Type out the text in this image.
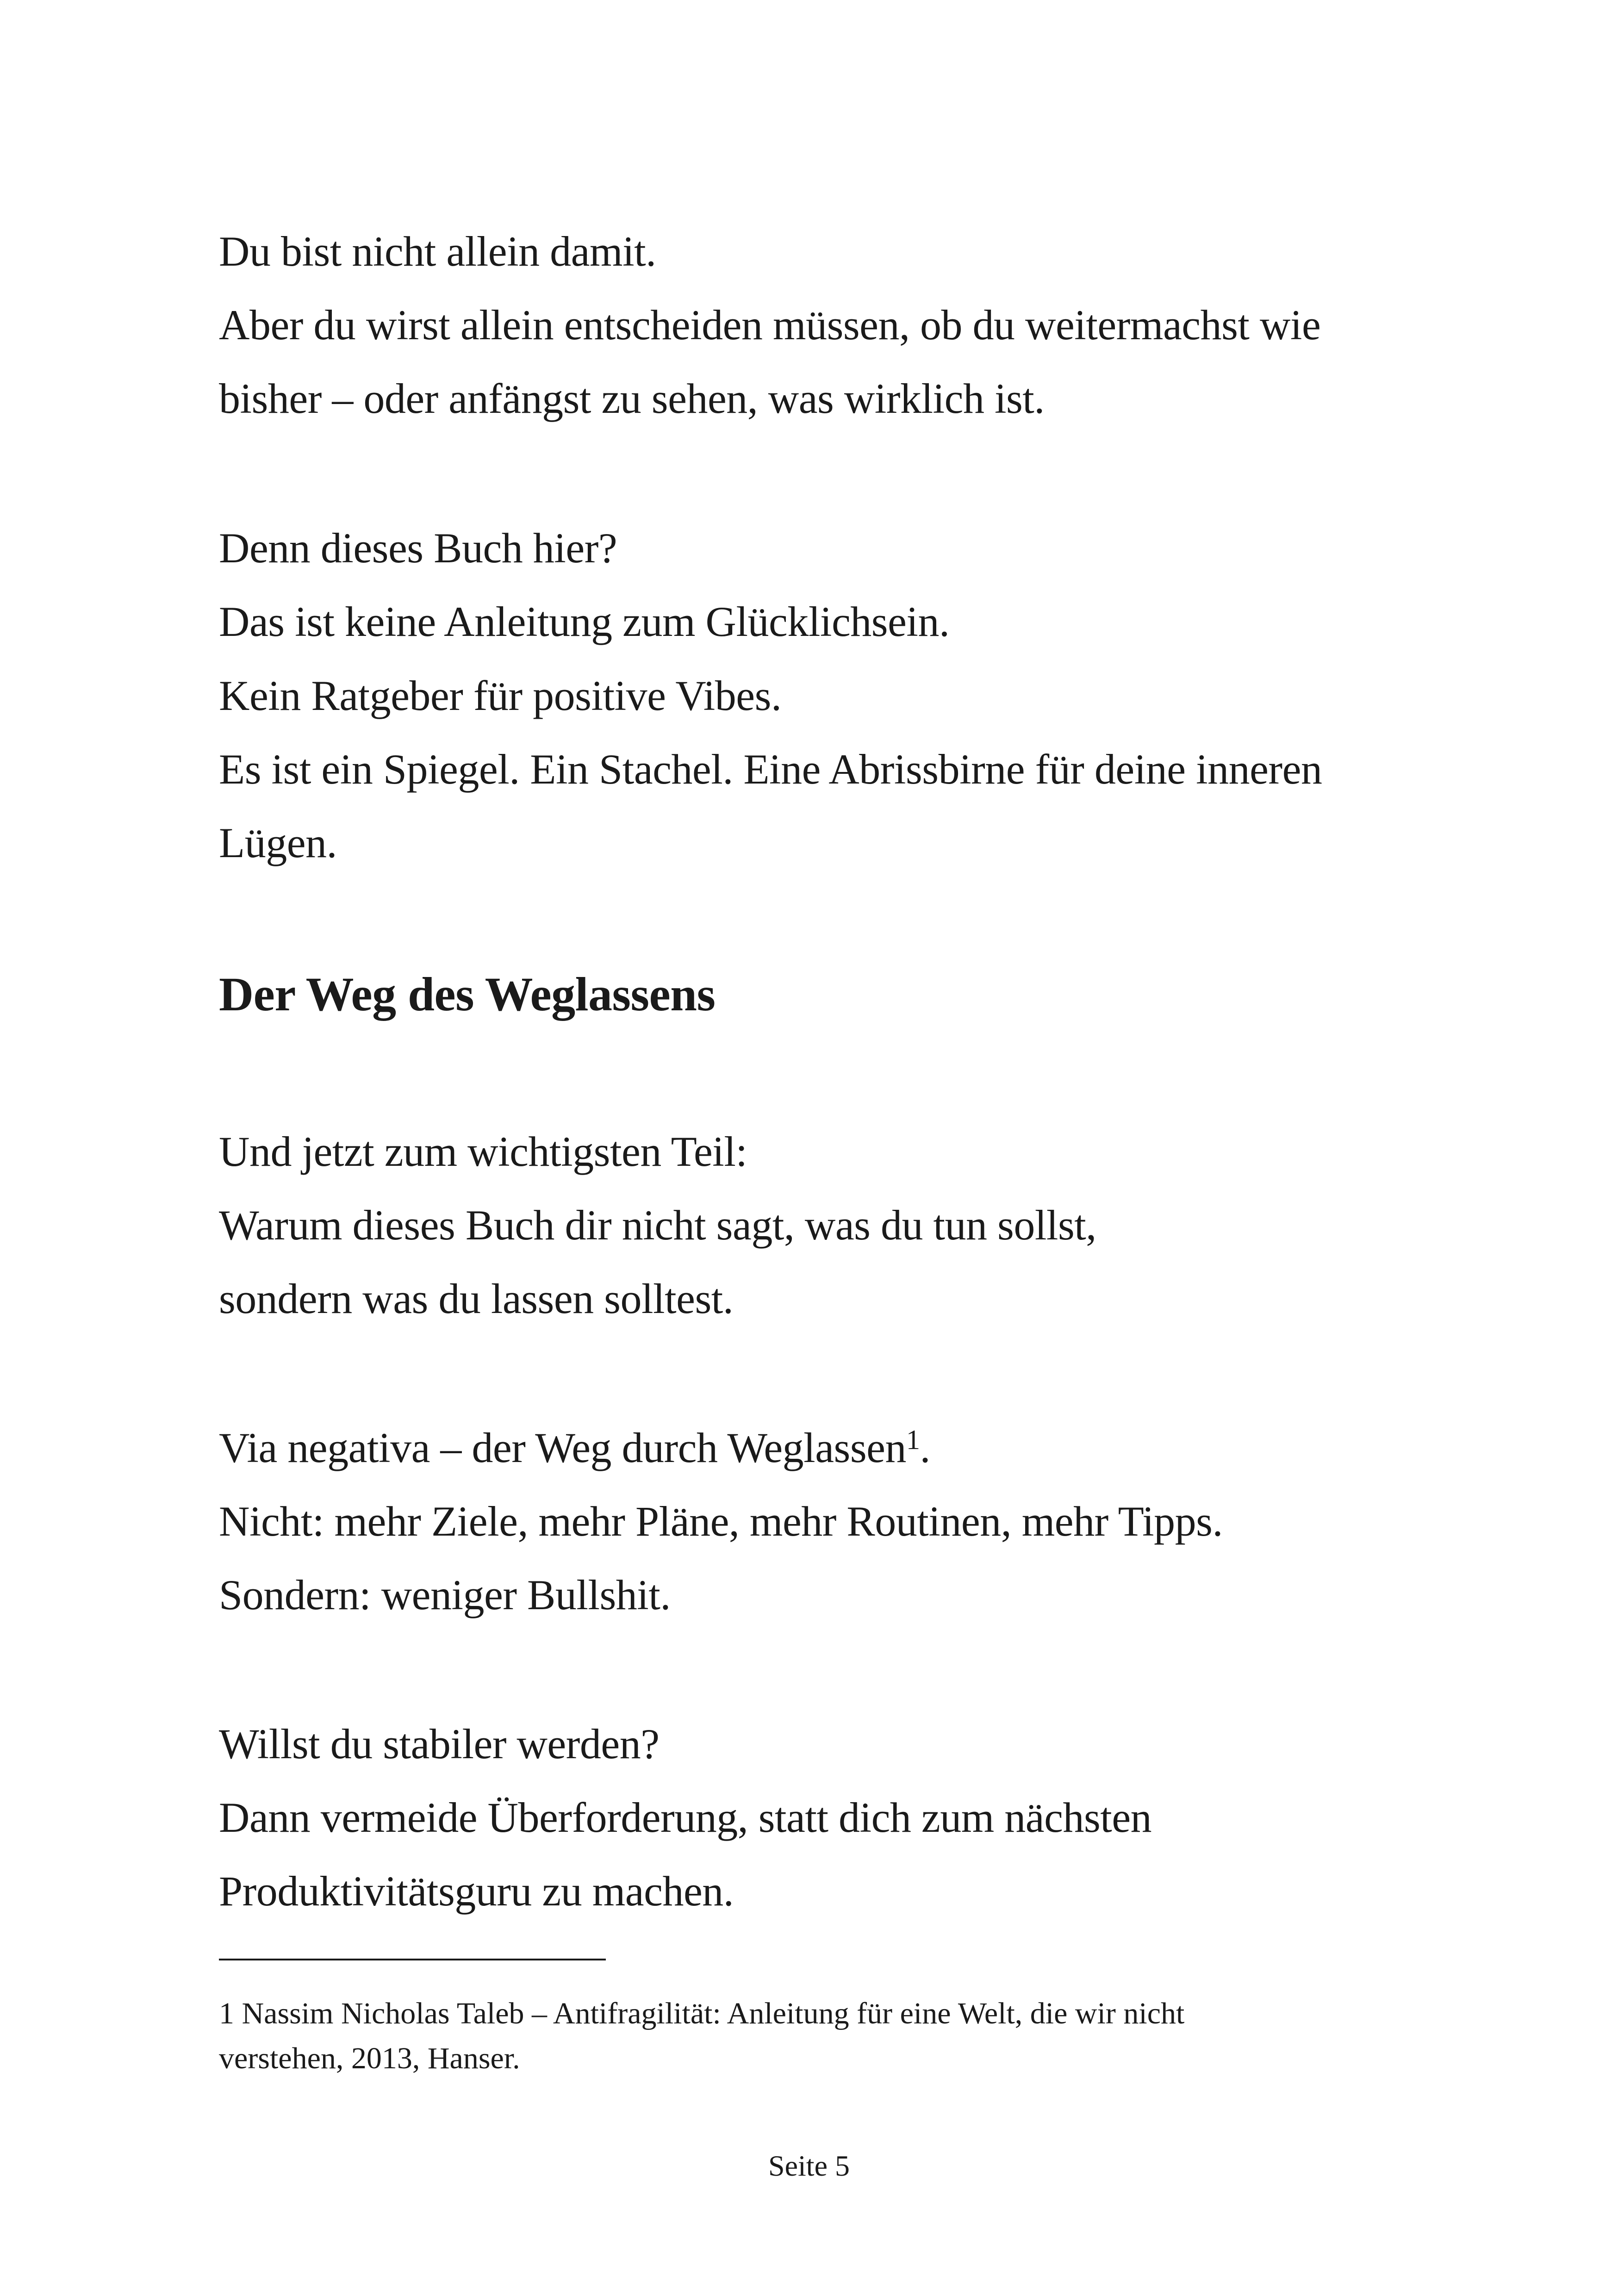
Du bist nicht allein damit.
Aber du wirst allein entscheiden müssen, ob du weitermachst wie
bisher – oder anfängst zu sehen, was wirklich ist.
Denn dieses Buch hier?
Das ist keine Anleitung zum Glücklichsein.
Kein Ratgeber für positive Vibes.
Es ist ein Spiegel. Ein Stachel. Eine Abrissbirne für deine inneren
Lügen.
Der Weg des Weglassens
Und jetzt zum wichtigsten Teil:
Warum dieses Buch dir nicht sagt, was du tun sollst,
sondern was du lassen solltest.
Via negativa – der Weg durch Weglassen$^1$.
Nicht: mehr Ziele, mehr Pläne, mehr Routinen, mehr Tipps.
Sondern: weniger Bullshit.
Willst du stabiler werden?
Dann vermeide Überforderung, statt dich zum nächsten
Produktivitätsguru zu machen.
1 Nassim Nicholas Taleb – Antifragilität: Anleitung für eine Welt, die wir nicht
verstehen, 2013, Hanser.
Seite 5
